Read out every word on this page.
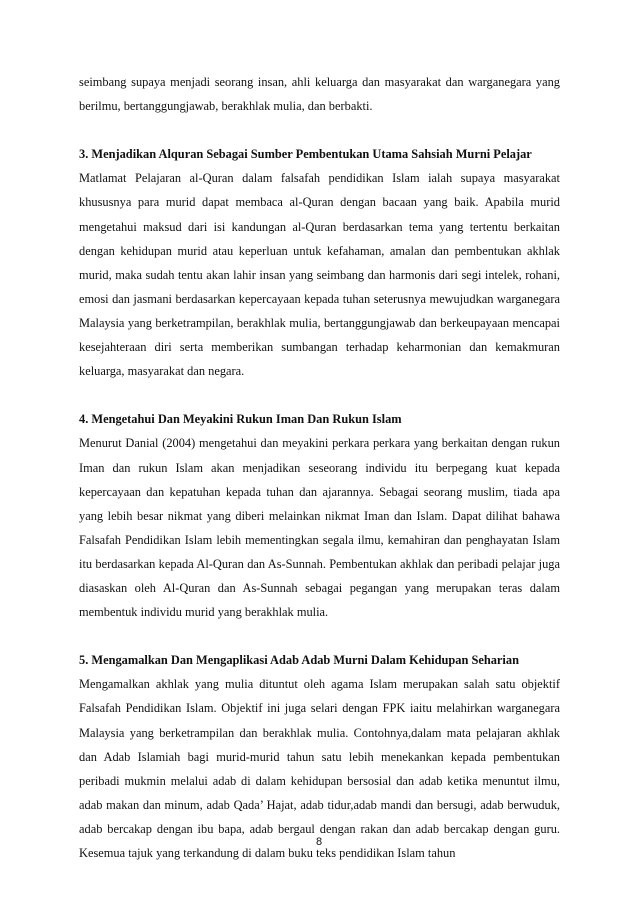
seimbang supaya menjadi seorang insan, ahli keluarga dan masyarakat dan warganegara yang berilmu, bertanggungjawab, berakhlak mulia, dan berbakti.

3. Menjadikan Alquran Sebagai Sumber Pembentukan Utama Sahsiah Murni Pelajar

Matlamat Pelajaran al-Quran dalam falsafah pendidikan Islam ialah supaya masyarakat khususnya para murid dapat membaca al-Quran dengan bacaan yang baik. Apabila murid mengetahui maksud dari isi kandungan al-Quran berdasarkan tema yang tertentu berkaitan dengan kehidupan murid atau keperluan untuk kefahaman, amalan dan pembentukan akhlak murid, maka sudah tentu akan lahir insan yang seimbang dan harmonis dari segi intelek, rohani, emosi dan jasmani berdasarkan kepercayaan kepada tuhan seterusnya mewujudkan warganegara Malaysia yang berketrampilan, berakhlak mulia, bertanggungjawab dan berkeupayaan mencapai kesejahteraan diri serta memberikan sumbangan terhadap keharmonian dan kemakmuran keluarga, masyarakat dan negara.

4. Mengetahui Dan Meyakini Rukun Iman Dan Rukun Islam

Menurut Danial (2004) mengetahui dan meyakini perkara perkara yang berkaitan dengan rukun Iman dan rukun Islam akan menjadikan seseorang individu itu berpegang kuat kepada kepercayaan dan kepatuhan kepada tuhan dan ajarannya. Sebagai seorang muslim, tiada apa yang lebih besar nikmat yang diberi melainkan nikmat Iman dan Islam. Dapat dilihat bahawa Falsafah Pendidikan Islam lebih mementingkan segala ilmu, kemahiran dan penghayatan Islam itu berdasarkan kepada Al-Quran dan As-Sunnah. Pembentukan akhlak dan peribadi pelajar juga diasaskan oleh Al-Quran dan As-Sunnah sebagai pegangan yang merupakan teras dalam membentuk individu murid yang berakhlak mulia.

5. Mengamalkan Dan Mengaplikasi Adab Adab Murni Dalam Kehidupan Seharian

Mengamalkan akhlak yang mulia dituntut oleh agama Islam merupakan salah satu objektif Falsafah Pendidikan Islam. Objektif ini juga selari dengan FPK iaitu melahirkan warganegara Malaysia yang berketrampilan dan berakhlak mulia. Contohnya,dalam mata pelajaran akhlak dan Adab Islamiah bagi murid-murid tahun satu lebih menekankan kepada pembentukan peribadi mukmin melalui adab di dalam kehidupan bersosial dan adab ketika menuntut ilmu, adab makan dan minum, adab Qada’ Hajat, adab tidur,adab mandi dan bersugi, adab berwuduk, adab bercakap dengan ibu bapa, adab bergaul dengan rakan dan adab bercakap dengan guru. Kesemua tajuk yang terkandung di dalam buku teks pendidikan Islam tahun

8
